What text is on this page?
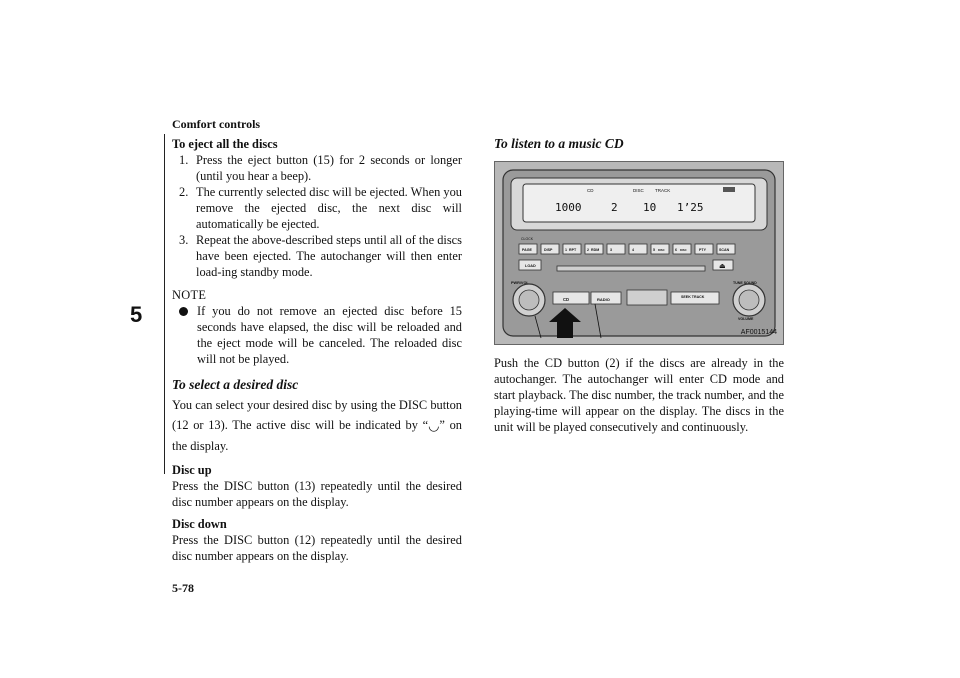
Comfort controls
5

To eject all the discs

1. Press the eject button (15) for 2 seconds or longer (until you hear a beep).
2. The currently selected disc will be ejected. When you remove the ejected disc, the next disc will automatically be ejected.
3. Repeat the above-described steps until all of the discs have been ejected. The autochanger will then enter load-ing standby mode.
NOTE
If you do not remove an ejected disc before 15 seconds have elapsed, the disc will be reloaded and the eject mode will be canceled. The reloaded disc will not be played.
To select a desired disc

You can select your desired disc by using the DISC button (12 or 13). The active disc will be indicated by “◡” on the display.

Disc up

Press the DISC button (13) repeatedly until the desired disc number appears on the display.

Disc down

Press the DISC button (12) repeatedly until the desired disc number appears on the display.

To listen to a music CD
CD	DISC TRACK
1000	2 10 1’25
CLOCK
PAGE	DISP	1 RPT	2 RDM	3	4	5 DISC	6 DISC	PTY	SCAN
LOAD	⏏
PWR/VOL
CD	RADIO	SEEK TRACK
TUNE SOUND
VOLUME
AF0015144

Push the CD button (2) if the discs are already in the autochanger. The autochanger will enter CD mode and start playback. The disc number, the track number, and the playing-time will appear on the display. The discs in the unit will be played consecutively and continuously.

5-78
